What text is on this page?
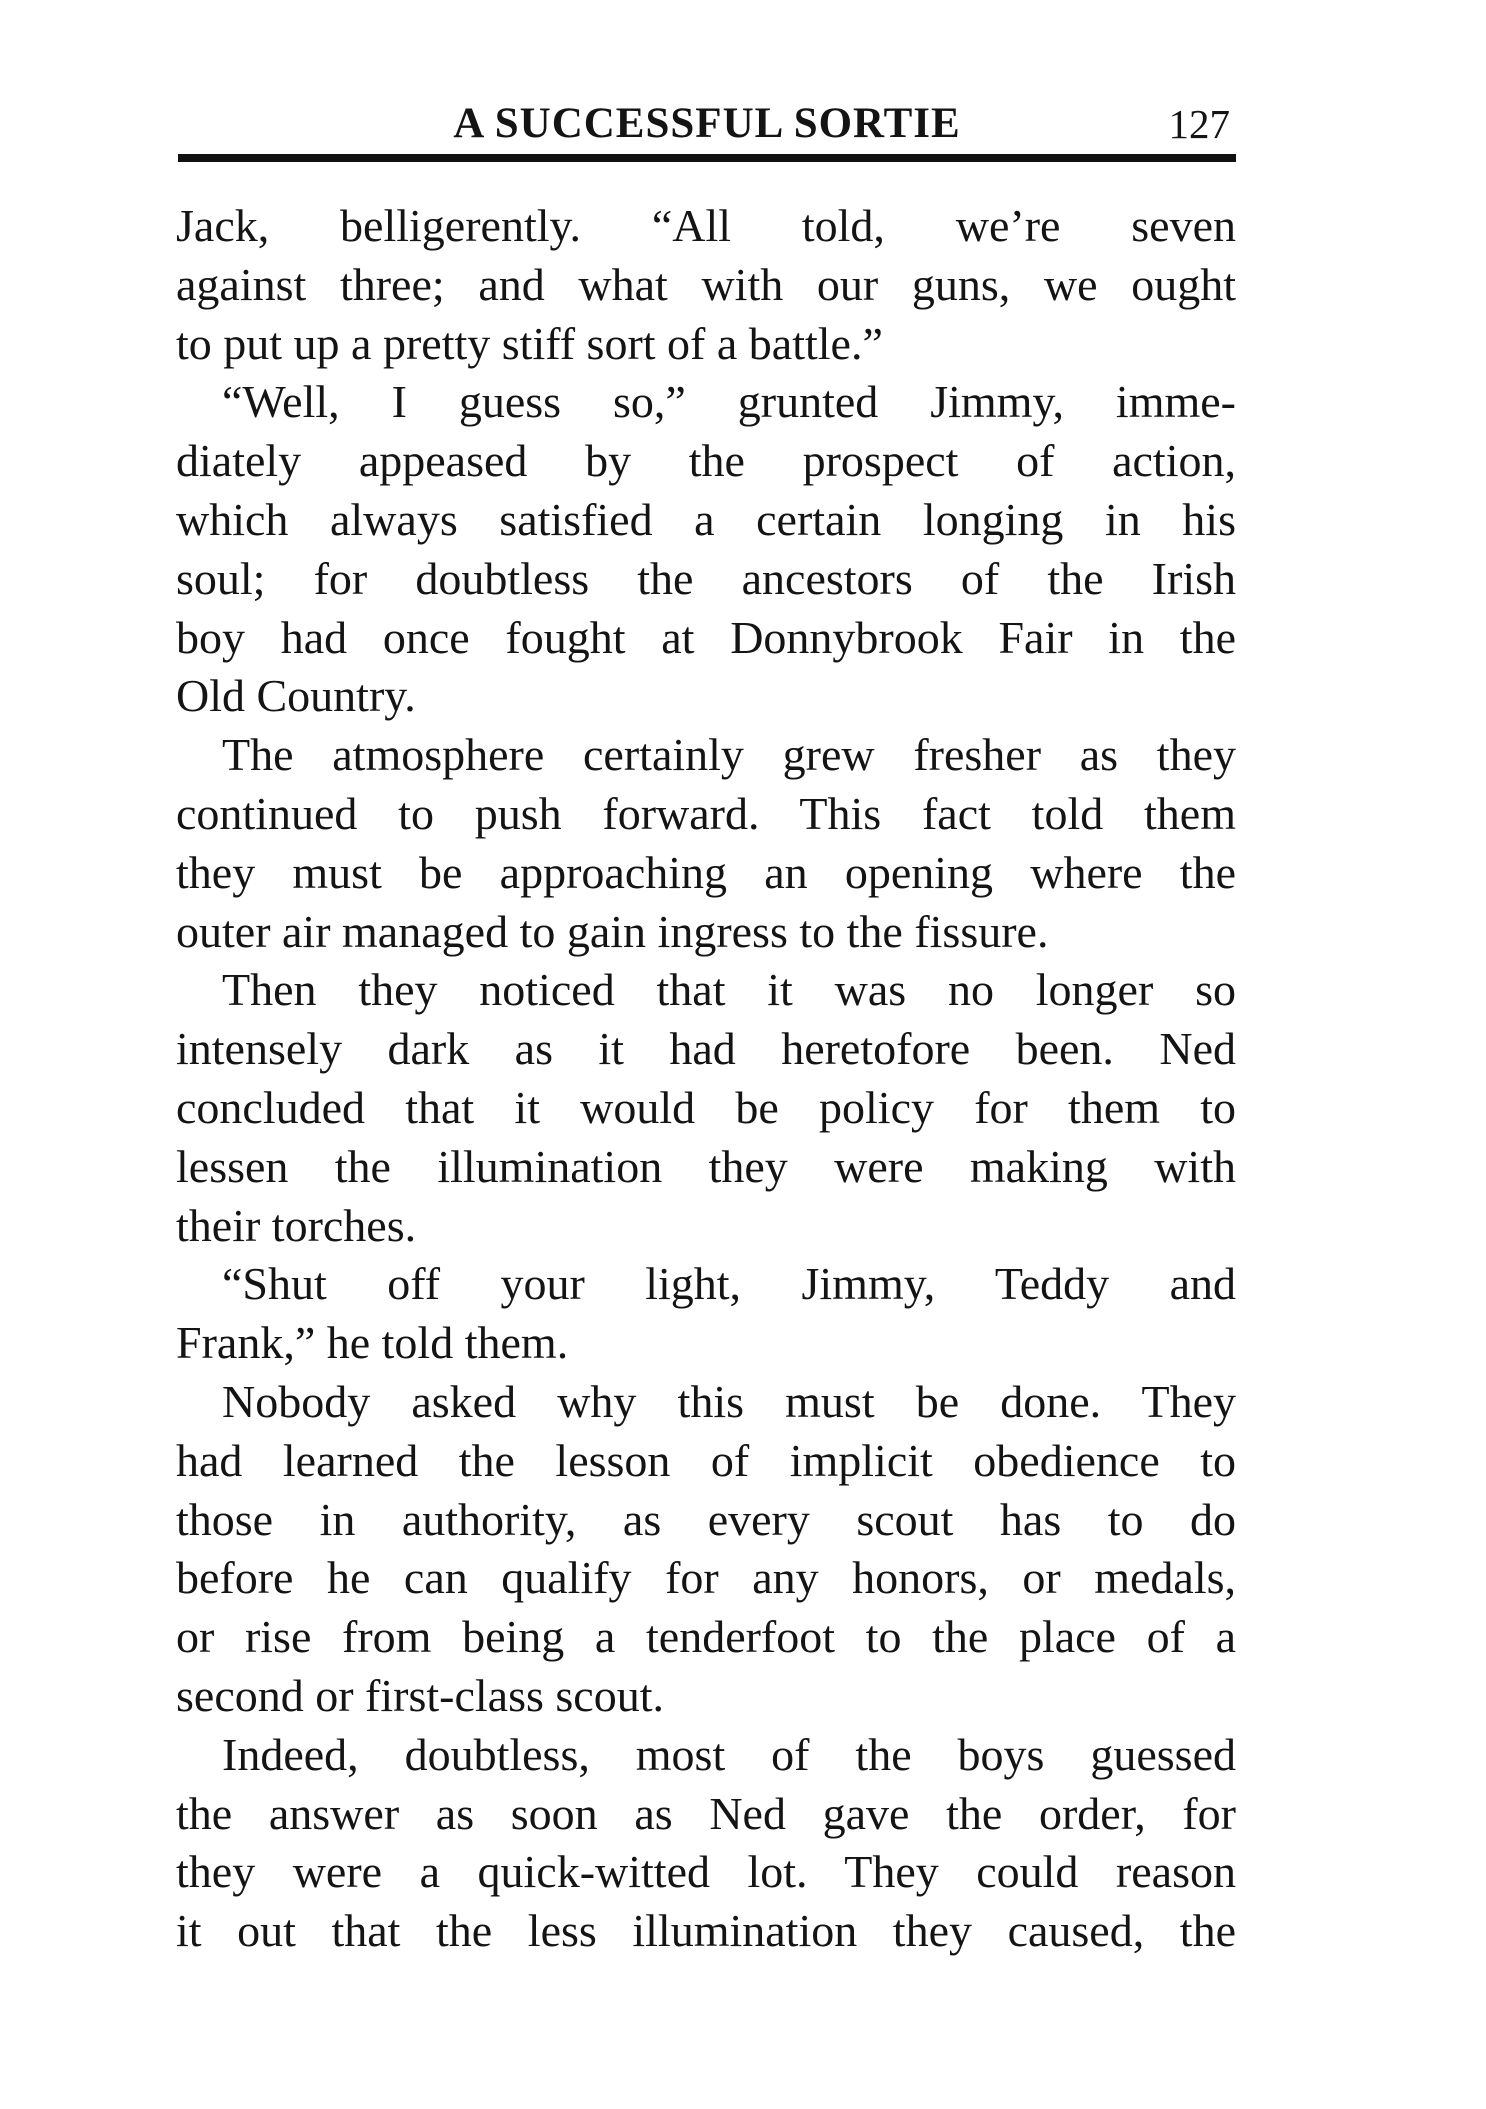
A SUCCESSFUL SORTIE	127
Jack, belligerently. “All told, we’re seven
against three; and what with our guns, we ought
to put up a pretty stiff sort of a battle.”
“Well, I guess so,” grunted Jimmy, imme-
diately appeased by the prospect of action,
which always satisfied a certain longing in his
soul; for doubtless the ancestors of the Irish
boy had once fought at Donnybrook Fair in the
Old Country.
The atmosphere certainly grew fresher as they
continued to push forward. This fact told them
they must be approaching an opening where the
outer air managed to gain ingress to the fissure.
Then they noticed that it was no longer so
intensely dark as it had heretofore been. Ned
concluded that it would be policy for them to
lessen the illumination they were making with
their torches.
“Shut off your light, Jimmy, Teddy and
Frank,” he told them.
Nobody asked why this must be done. They
had learned the lesson of implicit obedience to
those in authority, as every scout has to do
before he can qualify for any honors, or medals,
or rise from being a tenderfoot to the place of a
second or first-class scout.
Indeed, doubtless, most of the boys guessed
the answer as soon as Ned gave the order, for
they were a quick-witted lot. They could reason
it out that the less illumination they caused, the
